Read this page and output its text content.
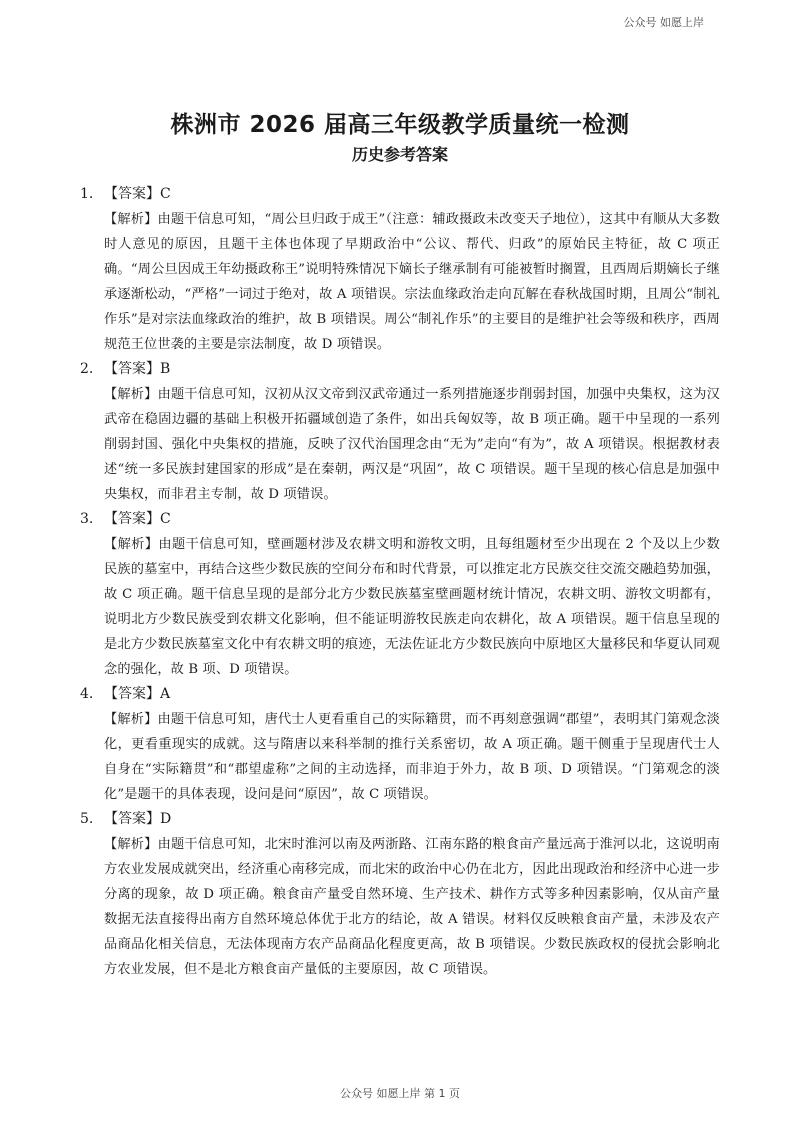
公众号 如愿上岸
株洲市 2026 届高三年级教学质量统一检测
历史参考答案
1. 【答案】C
【解析】由题干信息可知，“周公旦归政于成王”（注意：辅政摄政未改变天子地位），这其中有顺从大多数时人意见的原因，且题干主体也体现了早期政治中“公议、帮代、归政”的原始民主特征，故 C 项正确。“周公旦因成王年幼摄政称王”说明特殊情况下嫡长子继承制有可能被暂时搁置，且西周后期嫡长子继承逐渐松动，“严格”一词过于绝对，故 A 项错误。宗法血缘政治走向瓦解在春秋战国时期，且周公“制礼作乐”是对宗法血缘政治的维护，故 B 项错误。周公“制礼作乐”的主要目的是维护社会等级和秩序，西周规范王位世袭的主要是宗法制度，故 D 项错误。
2. 【答案】B
【解析】由题干信息可知，汉初从汉文帝到汉武帝通过一系列措施逐步削弱封国，加强中央集权，这为汉武帝在稳固边疆的基础上积极开拓疆域创造了条件，如出兵匈奴等，故 B 项正确。题干中呈现的一系列削弱封国、强化中央集权的措施，反映了汉代治国理念由“无为”走向“有为”，故 A 项错误。根据教材表述“统一多民族封建国家的形成”是在秦朝，两汉是“巩固”，故 C 项错误。题干呈现的核心信息是加强中央集权，而非君主专制，故 D 项错误。
3. 【答案】C
【解析】由题干信息可知，壁画题材涉及农耕文明和游牧文明，且每组题材至少出现在 2 个及以上少数民族的墓室中，再结合这些少数民族的空间分布和时代背景，可以推定北方民族交往交流交融趋势加强，故 C 项正确。题干信息呈现的是部分北方少数民族墓室壁画题材统计情况，农耕文明、游牧文明都有，说明北方少数民族受到农耕文化影响，但不能证明游牧民族走向农耕化，故 A 项错误。题干信息呈现的是北方少数民族墓室文化中有农耕文明的痕迹，无法佐证北方少数民族向中原地区大量移民和华夏认同观念的强化，故 B 项、D 项错误。
4. 【答案】A
【解析】由题干信息可知，唐代士人更看重自己的实际籍贯，而不再刻意强调“郡望”，表明其门第观念淡化，更看重现实的成就。这与隋唐以来科举制的推行关系密切，故 A 项正确。题干侧重于呈现唐代士人自身在“实际籍贯”和“郡望虚称”之间的主动选择，而非迫于外力，故 B 项、D 项错误。“门第观念的淡化”是题干的具体表现，设问是问“原因”，故 C 项错误。
5. 【答案】D
【解析】由题干信息可知，北宋时淮河以南及两浙路、江南东路的粮食亩产量远高于淮河以北，这说明南方农业发展成就突出，经济重心南移完成，而北宋的政治中心仍在北方，因此出现政治和经济中心进一步分离的现象，故 D 项正确。粮食亩产量受自然环境、生产技术、耕作方式等多种因素影响，仅从亩产量数据无法直接得出南方自然环境总体优于北方的结论，故 A 错误。材料仅反映粮食亩产量，未涉及农产品商品化相关信息，无法体现南方农产品商品化程度更高，故 B 项错误。少数民族政权的侵扰会影响北方农业发展，但不是北方粮食亩产量低的主要原因，故 C 项错误。
公众号 如愿上岸 第 1 页
